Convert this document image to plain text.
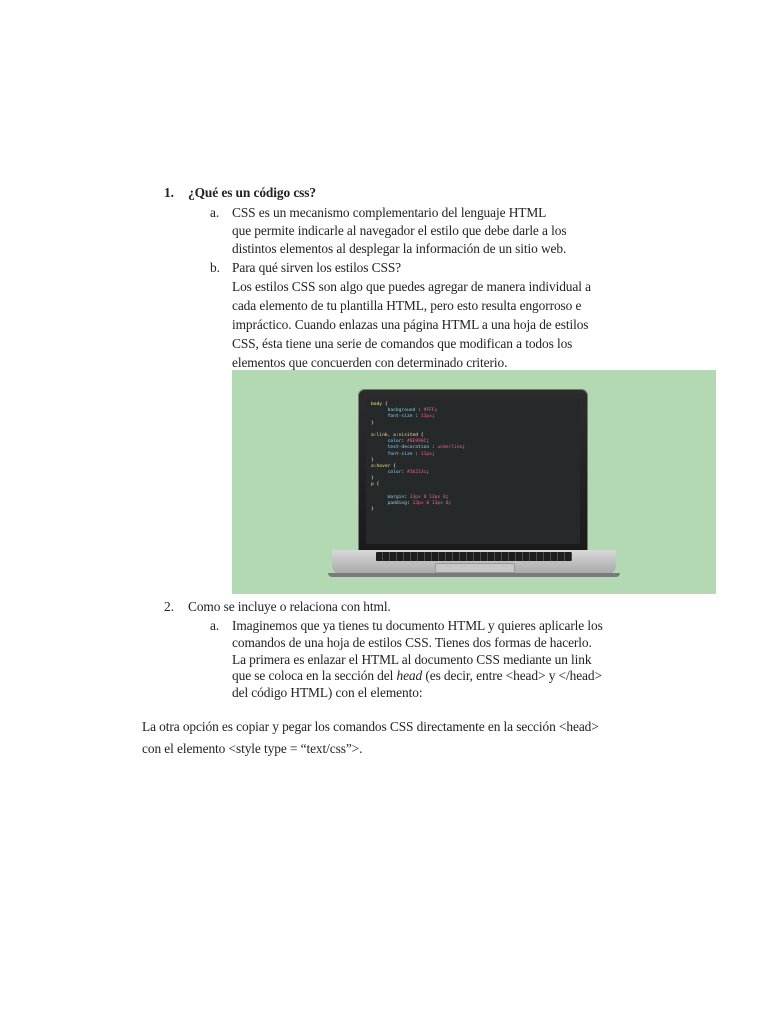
1. ¿Qué es un código css?
a. CSS es un mecanismo complementario del lenguaje HTML
que permite indicarle al navegador el estilo que debe darle a los
distintos elementos al desplegar la información de un sitio web.
b. Para qué sirven los estilos CSS?
Los estilos CSS son algo que puedes agregar de manera individual a
cada elemento de tu plantilla HTML, pero esto resulta engorroso e
impráctico. Cuando enlazas una página HTML a una hoja de estilos
CSS, ésta tiene una serie de comandos que modifican a todos los
elementos que concuerden con determinado criterio.
body {
background : #FFF;
font-size : 13px;
}
a:link, a:visited {
color: #8E990C;
text-decoration : underline;
font-size : 11px;
}
a:hover {
color: #3b213c;
}
p {
margin: 13px 0 13px 0;
padding: 13px 0 13px 0;
}
2. Como se incluye o relaciona con html.
a. Imaginemos que ya tienes tu documento HTML y quieres aplicarle los
comandos de una hoja de estilos CSS. Tienes dos formas de hacerlo.
La primera es enlazar el HTML al documento CSS mediante un link
que se coloca en la sección del head (es decir, entre <head> y </head>
del código HTML) con el elemento:
La otra opción es copiar y pegar los comandos CSS directamente en la sección <head>
con el elemento <style type = “text/css”>.
